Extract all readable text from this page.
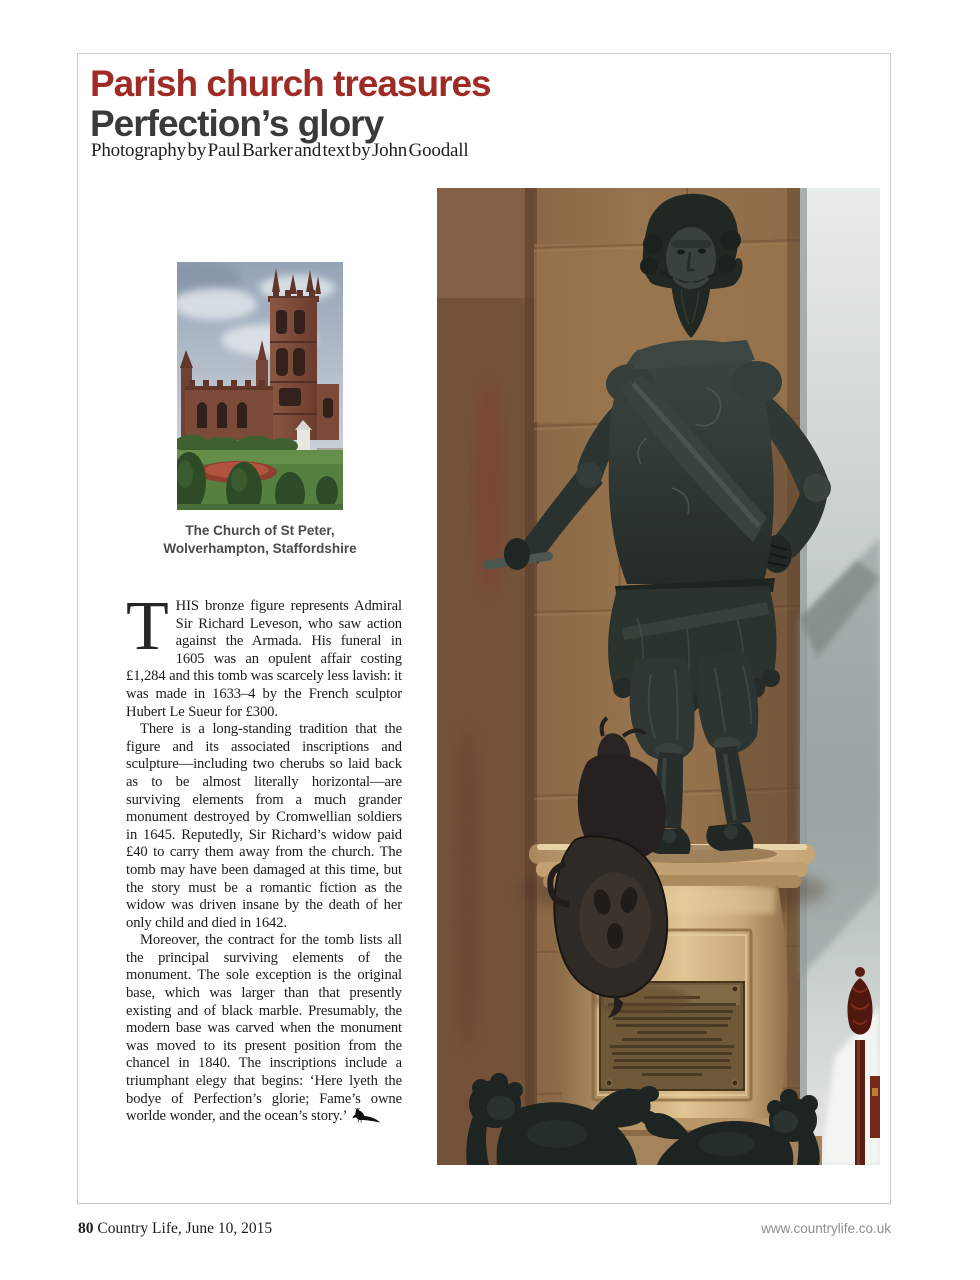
Parish church treasures
Perfection’s glory
Photography by Paul Barker and text by John Goodall
The Church of St Peter,
Wolverhampton, Staffordshire

THIS bronze figure represents Admiral Sir Richard Leveson, who saw action against the Armada. His funeral in 1605 was an opulent affair costing £1,284 and this tomb was scarcely less lavish: it was made in 1633–4 by the French sculptor Hubert Le Sueur for £300.

There is a long-standing tradition that the figure and its associated inscriptions and sculpture—including two cherubs so laid back as to be almost literally horizontal—are surviving elements from a much grander monument destroyed by Cromwellian soldiers in 1645. Reputedly, Sir Richard’s widow paid £40 to carry them away from the church. The tomb may have been damaged at this time, but the story must be a romantic fiction as the widow was driven insane by the death of her only child and died in 1642.

Moreover, the contract for the tomb lists all the principal surviving elements of the monument. The sole exception is the original base, which was larger than that presently existing and of black marble. Presumably, the modern base was carved when the monument was moved to its present position from the chancel in 1840. The inscriptions include a triumphant elegy that begins: ‘Here lyeth the bodye of Perfection’s glorie; Fame’s owne worlde wonder, and the ocean’s story.’

80 Country Life, June 10, 2015	www.countrylife.co.uk
